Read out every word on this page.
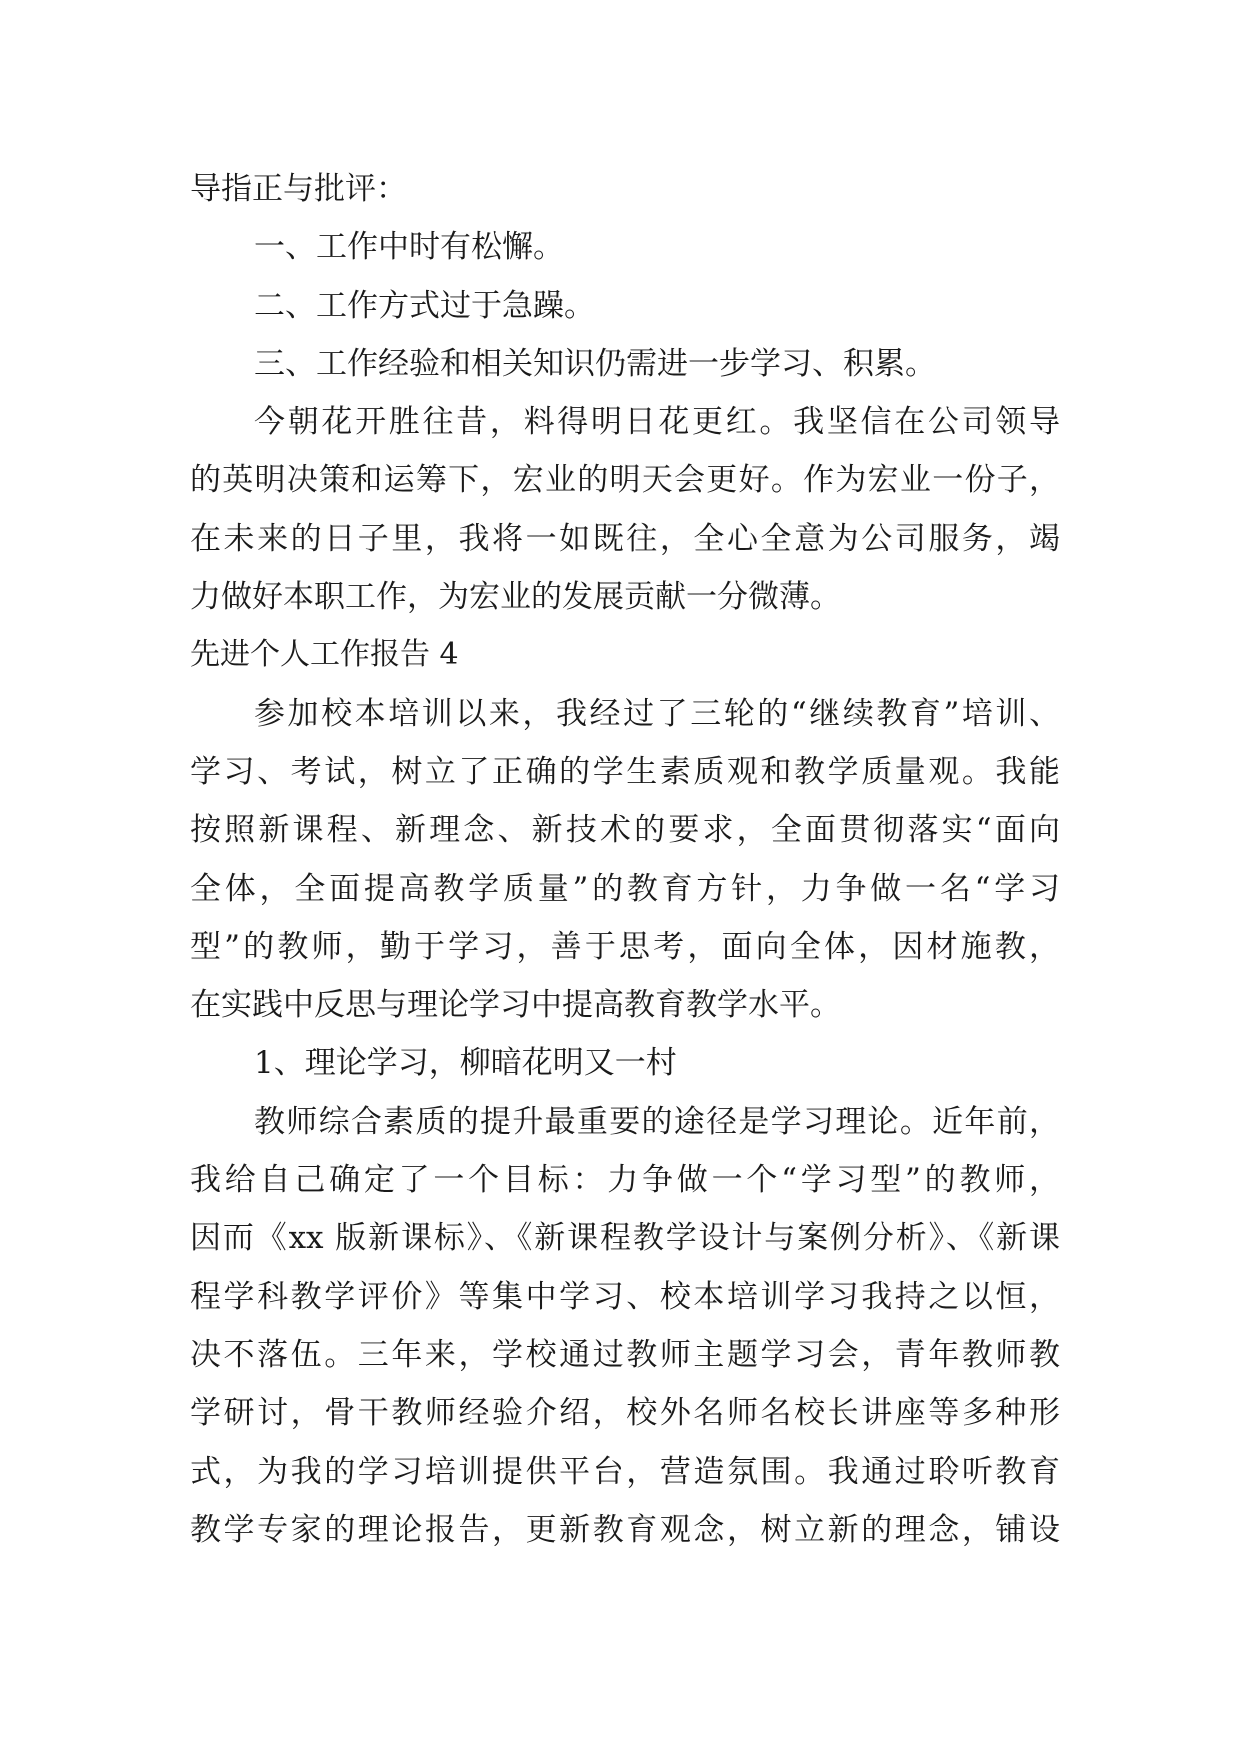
导指正与批评：
一、工作中时有松懈。
二、工作方式过于急躁。
三、工作经验和相关知识仍需进一步学习、积累。
今朝花开胜往昔，料得明日花更红。我坚信在公司领导
的英明决策和运筹下，宏业的明天会更好。作为宏业一份子，
在未来的日子里，我将一如既往，全心全意为公司服务，竭
力做好本职工作，为宏业的发展贡献一分微薄。
先进个人工作报告 4
参加校本培训以来，我经过了三轮的“继续教育”培训、
学习、考试，树立了正确的学生素质观和教学质量观。我能
按照新课程、新理念、新技术的要求，全面贯彻落实“面向
全体，全面提高教学质量”的教育方针，力争做一名“学习
型”的教师，勤于学习，善于思考，面向全体，因材施教，
在实践中反思与理论学习中提高教育教学水平。
1、理论学习，柳暗花明又一村
教师综合素质的提升最重要的途径是学习理论。近年前，
我给自己确定了一个目标：力争做一个“学习型”的教师，
因而《xx 版新课标》、《新课程教学设计与案例分析》、《新课
程学科教学评价》等集中学习、校本培训学习我持之以恒，
决不落伍。三年来，学校通过教师主题学习会，青年教师教
学研讨，骨干教师经验介绍，校外名师名校长讲座等多种形
式，为我的学习培训提供平台，营造氛围。我通过聆听教育
教学专家的理论报告，更新教育观念，树立新的理念，铺设
